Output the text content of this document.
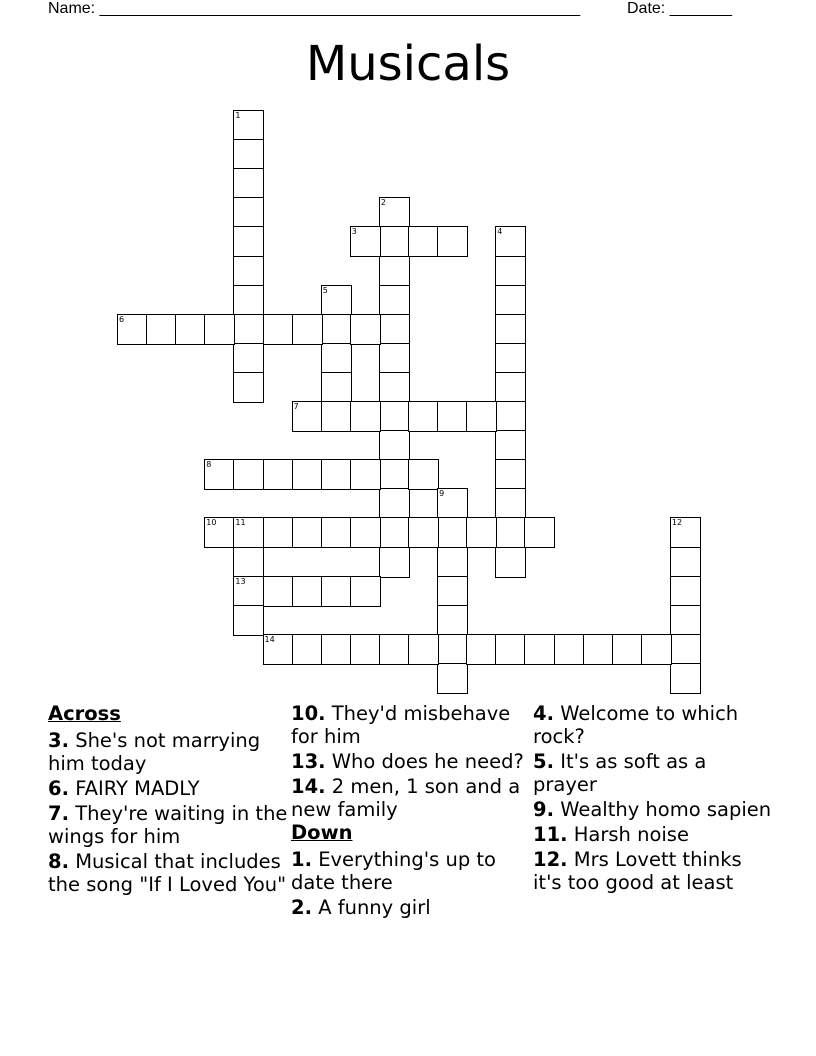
Name: ______________________________________________________	Date: _______
Musicals
1
2
3	4
5
6
7
8
9
10 11
13
12
14
Across
3. She's not marrying him today
6. FAIRY MADLY
7. They're waiting in the wings for him
8. Musical that includes the song "If I Loved You"
10. They'd misbehave for him
13. Who does he need?
14. 2 men, 1 son and a new family
Down
1. Everything's up to date there
2. A funny girl
4. Welcome to which rock?
5. It's as soft as a prayer
9. Wealthy homo sapien
11. Harsh noise
12. Mrs Lovett thinks it's too good at least
